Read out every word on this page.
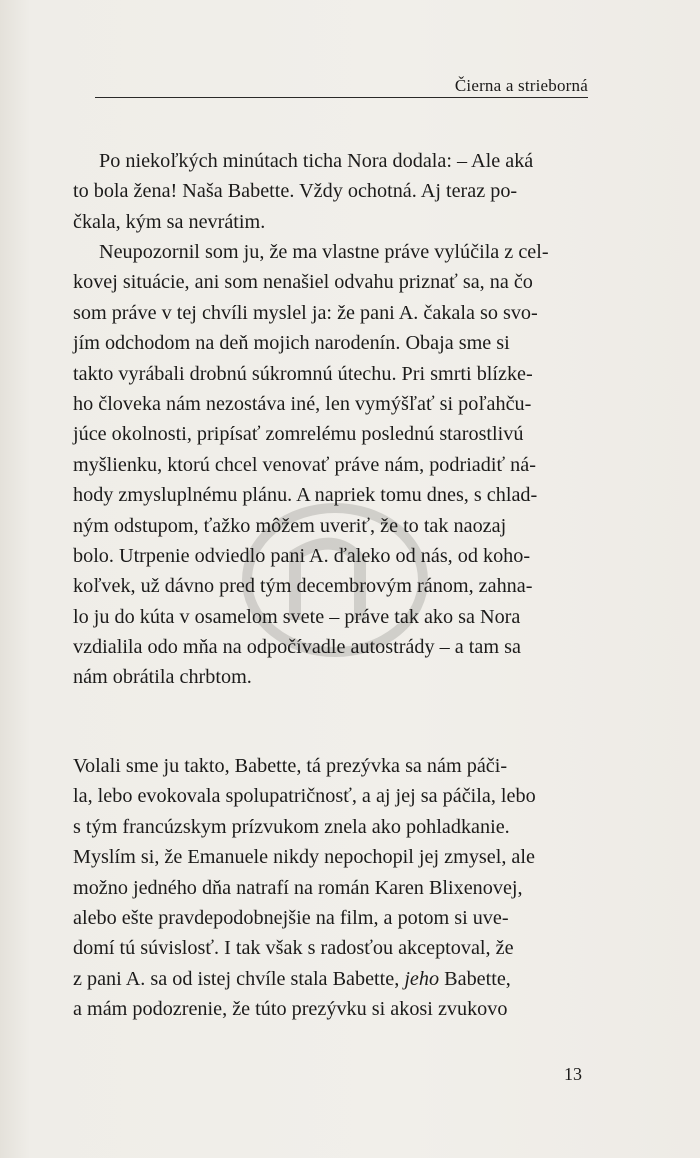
Čierna a strieborná
Po niekoľkých minútach ticha Nora dodala: – Ale aká
to bola žena! Naša Babette. Vždy ochotná. Aj teraz po-
čkala, kým sa nevrátim.
Neupozornil som ju, že ma vlastne práve vylúčila z cel-
kovej situácie, ani som nenašiel odvahu priznať sa, na čo
som práve v tej chvíli myslel ja: že pani A. čakala so svo-
jím odchodom na deň mojich narodenín. Obaja sme si
takto vyrábali drobnú súkromnú útechu. Pri smrti blízke-
ho človeka nám nezostáva iné, len vymýšľať si poľahču-
júce okolnosti, pripísať zomrelému poslednú starostlivú
myšlienku, ktorú chcel venovať práve nám, podriadiť ná-
hody zmysluplnému plánu. A napriek tomu dnes, s chlad-
ným odstupom, ťažko môžem uveriť, že to tak naozaj
bolo. Utrpenie odviedlo pani A. ďaleko od nás, od koho-
koľvek, už dávno pred tým decembrovým ránom, zahna-
lo ju do kúta v osamelom svete – práve tak ako sa Nora
vzdialila odo mňa na odpočívadle autostrády – a tam sa
nám obrátila chrbtom.
Volali sme ju takto, Babette, tá prezývka sa nám páči-
la, lebo evokovala spolupatričnosť, a aj jej sa páčila, lebo
s tým francúzskym prízvukom znela ako pohladkanie.
Myslím si, že Emanuele nikdy nepochopil jej zmysel, ale
možno jedného dňa natrafí na román Karen Blixenovej,
alebo ešte pravdepodobnejšie na film, a potom si uve-
domí tú súvislosť. I tak však s radosťou akceptoval, že
z pani A. sa od istej chvíle stala Babette, jeho Babette,
a mám podozrenie, že túto prezývku si akosi zvukovo
13
